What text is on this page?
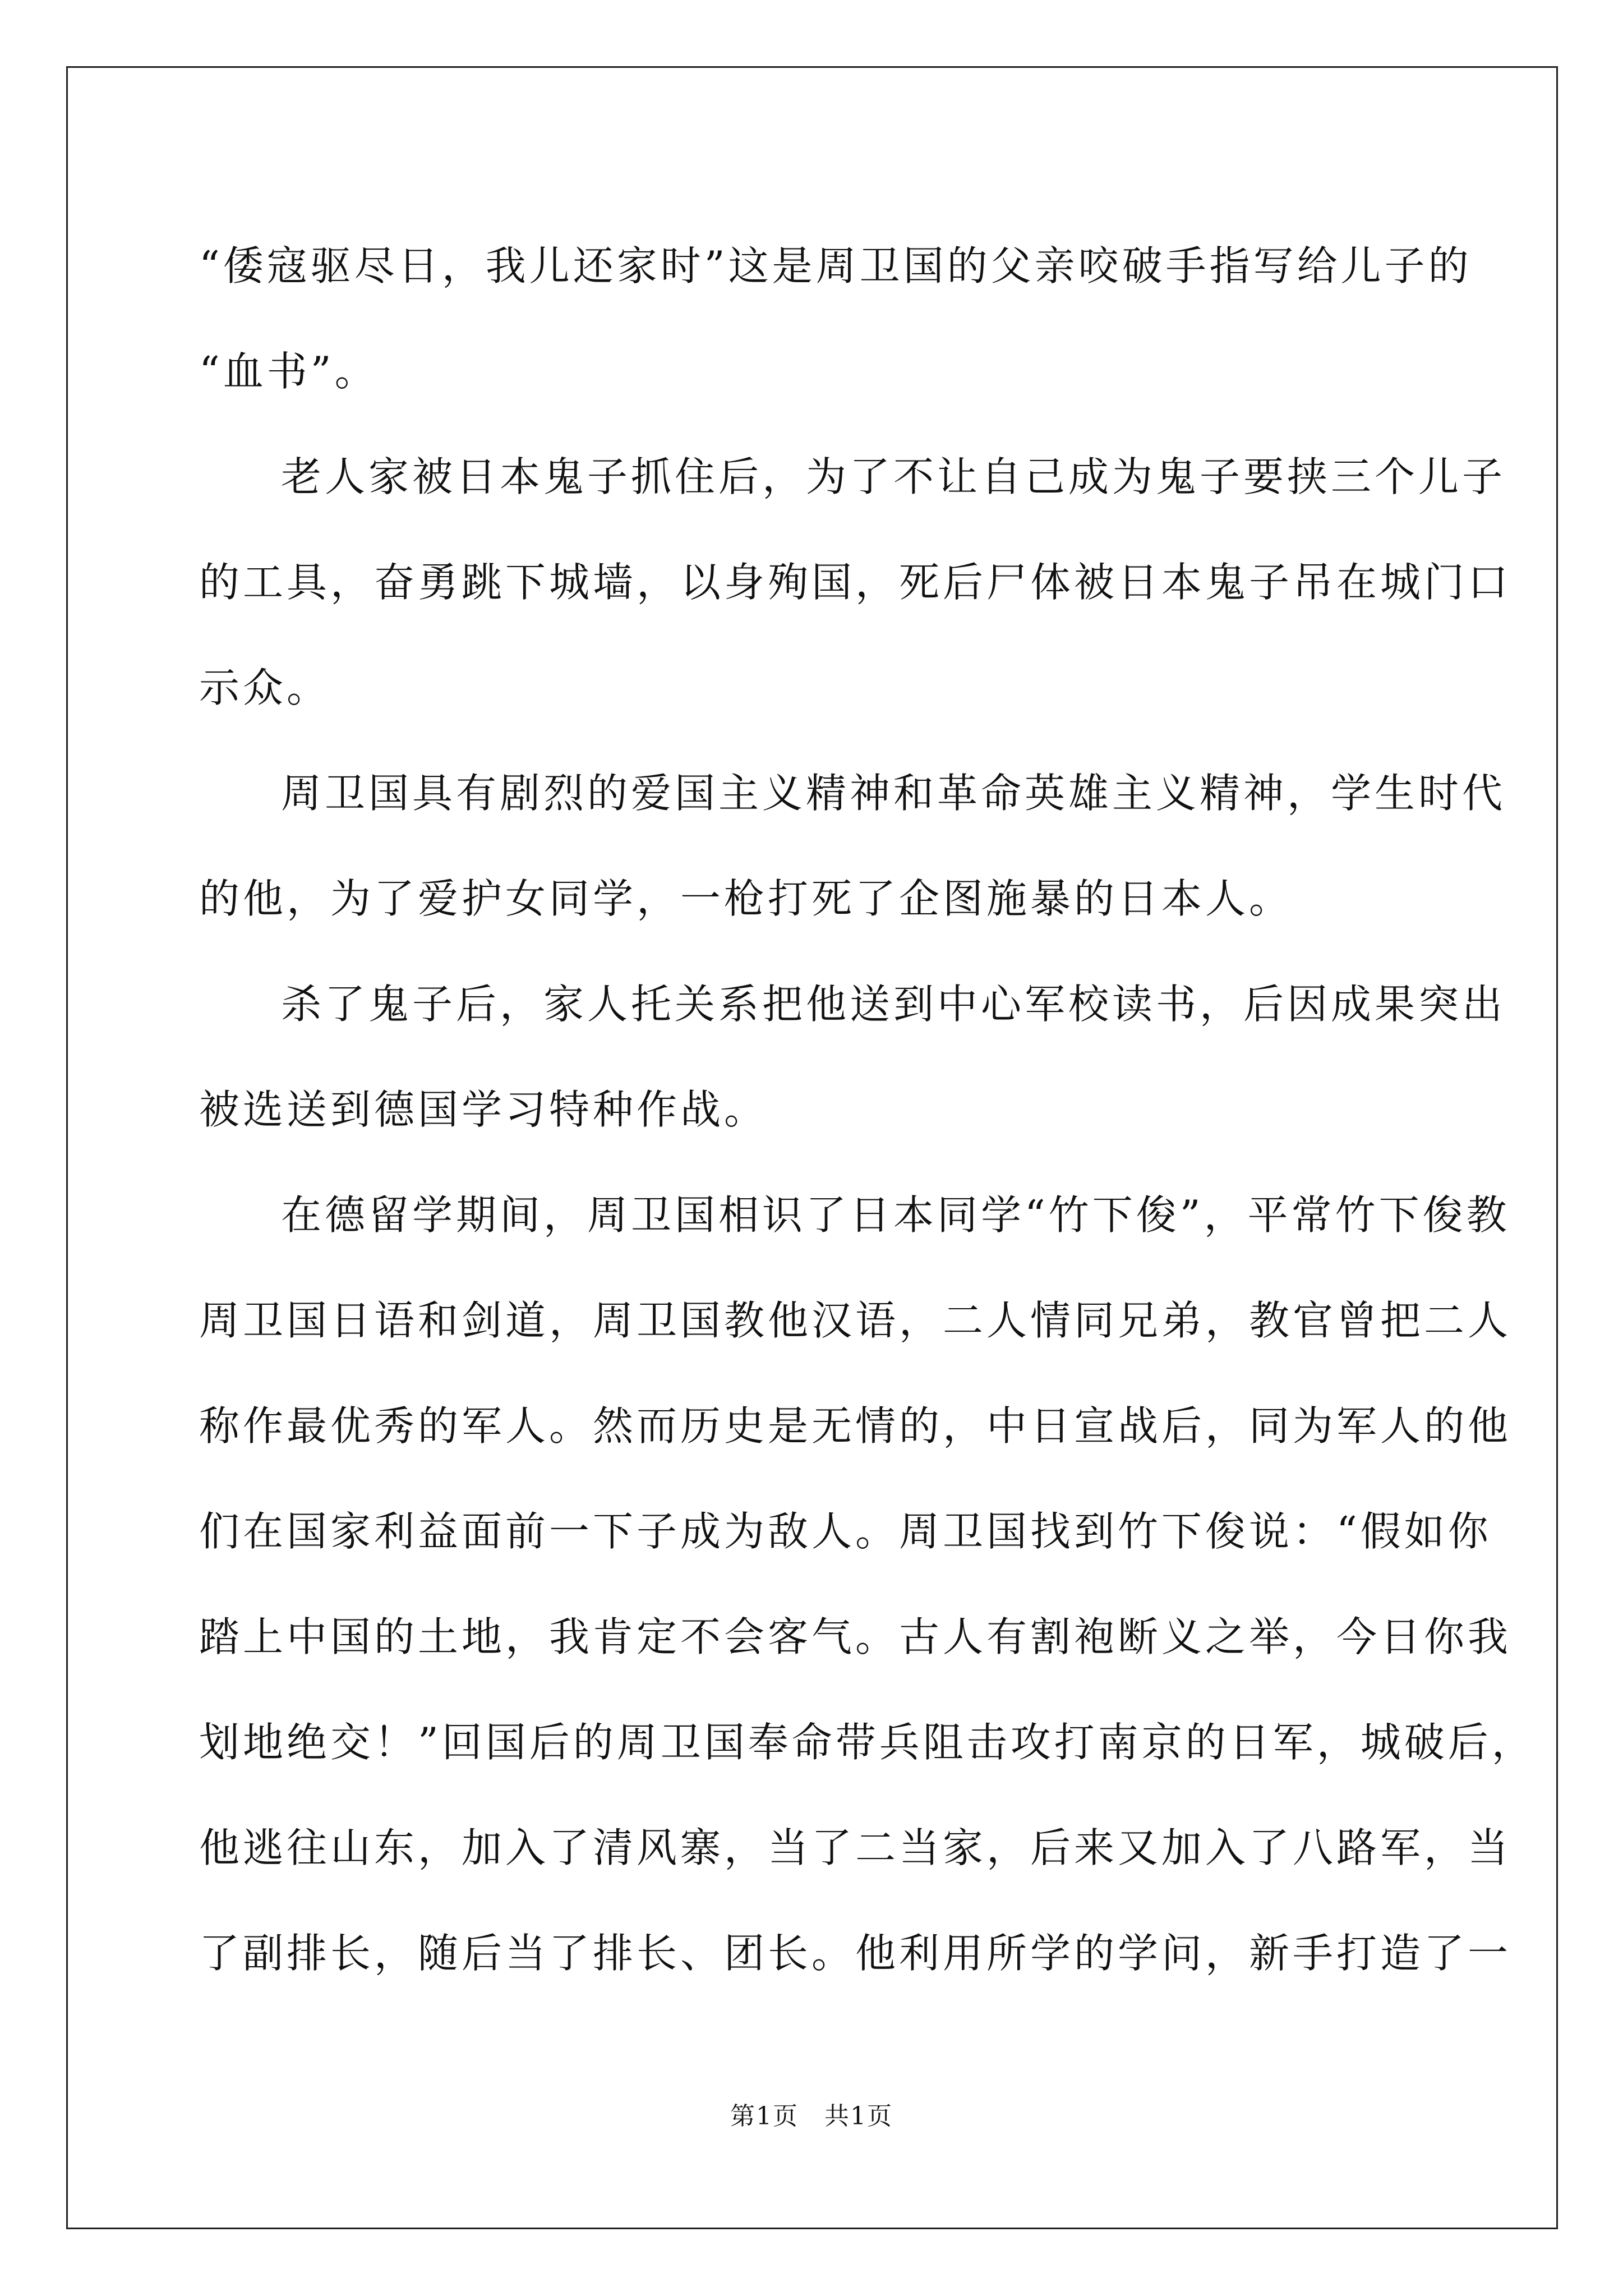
“倭寇驱尽日，我儿还家时”这是周卫国的父亲咬破手指写给儿子的
“血书”。
老人家被日本鬼子抓住后，为了不让自己成为鬼子要挟三个儿子
的工具，奋勇跳下城墙，以身殉国，死后尸体被日本鬼子吊在城门口
示众。
周卫国具有剧烈的爱国主义精神和革命英雄主义精神，学生时代
的他，为了爱护女同学，一枪打死了企图施暴的日本人。
杀了鬼子后，家人托关系把他送到中心军校读书，后因成果突出
被选送到德国学习特种作战。
在德留学期间，周卫国相识了日本同学“竹下俊”，平常竹下俊教
周卫国日语和剑道，周卫国教他汉语，二人情同兄弟，教官曾把二人
称作最优秀的军人。然而历史是无情的，中日宣战后，同为军人的他
们在国家利益面前一下子成为敌人。周卫国找到竹下俊说：“假如你
踏上中国的土地，我肯定不会客气。古人有割袍断义之举，今日你我
划地绝交！”回国后的周卫国奉命带兵阻击攻打南京的日军，城破后，
他逃往山东，加入了清风寨，当了二当家，后来又加入了八路军，当
了副排长，随后当了排长、团长。他利用所学的学问，新手打造了一
第1页　共1页
